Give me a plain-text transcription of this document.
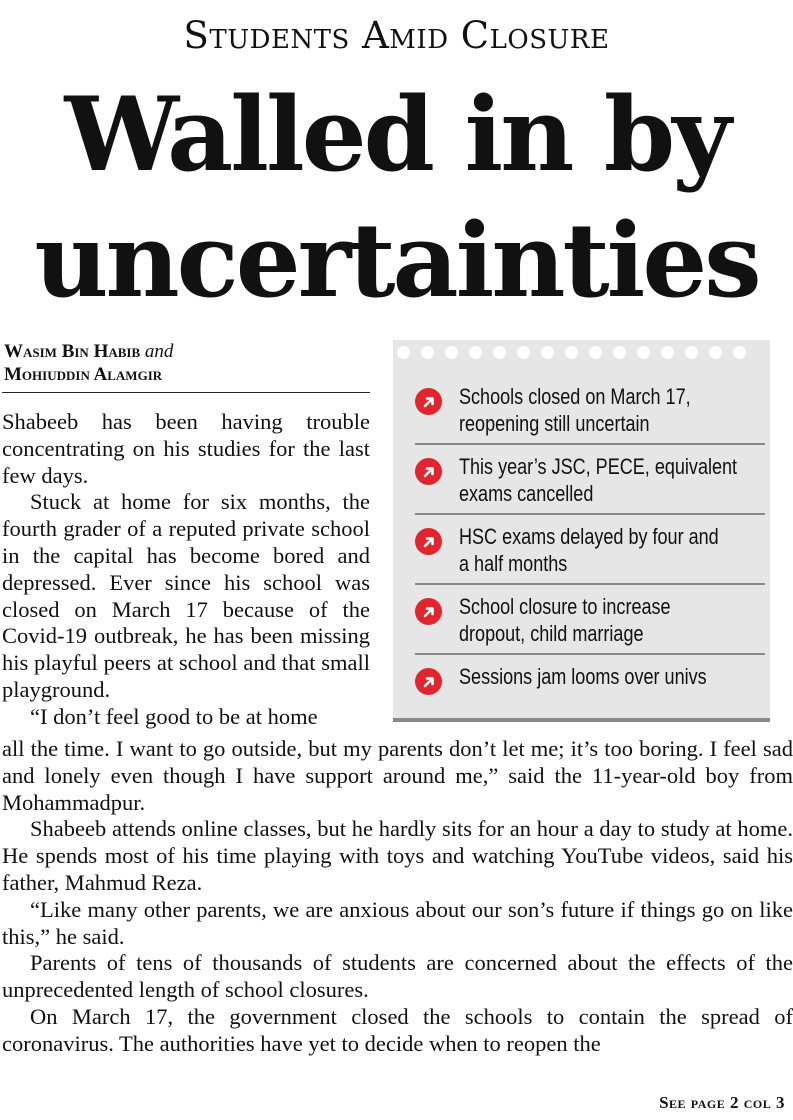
Students Amid Closure
Walled in by
uncertainties
Wasim Bin Habib and
Mohiuddin Alamgir

Shabeeb has been having trouble concentrating on his studies for the last few days.

Stuck at home for six months, the fourth grader of a reputed private school in the capital has become bored and depressed. Ever since his school was closed on March 17 because of the Covid-19 outbreak, he has been missing his playful peers at school and that small playground.

“I don’t feel good to be at home

Schools closed on March 17,
reopening still uncertain
This year’s JSC, PECE, equivalent
exams cancelled
HSC exams delayed by four and
a half months
School closure to increase
dropout, child marriage
Sessions jam looms over univs

all the time. I want to go outside, but my parents don’t let me; it’s too boring. I feel sad and lonely even though I have support around me,” said the 11-year-old boy from Mohammadpur.

Shabeeb attends online classes, but he hardly sits for an hour a day to study at home. He spends most of his time playing with toys and watching YouTube videos, said his father, Mahmud Reza.

“Like many other parents, we are anxious about our son’s future if things go on like this,” he said.

Parents of tens of thousands of students are concerned about the effects of the unprecedented length of school closures.

On March 17, the government closed the schools to contain the spread of coronavirus. The authorities have yet to decide when to reopen the

See page 2 col 3
